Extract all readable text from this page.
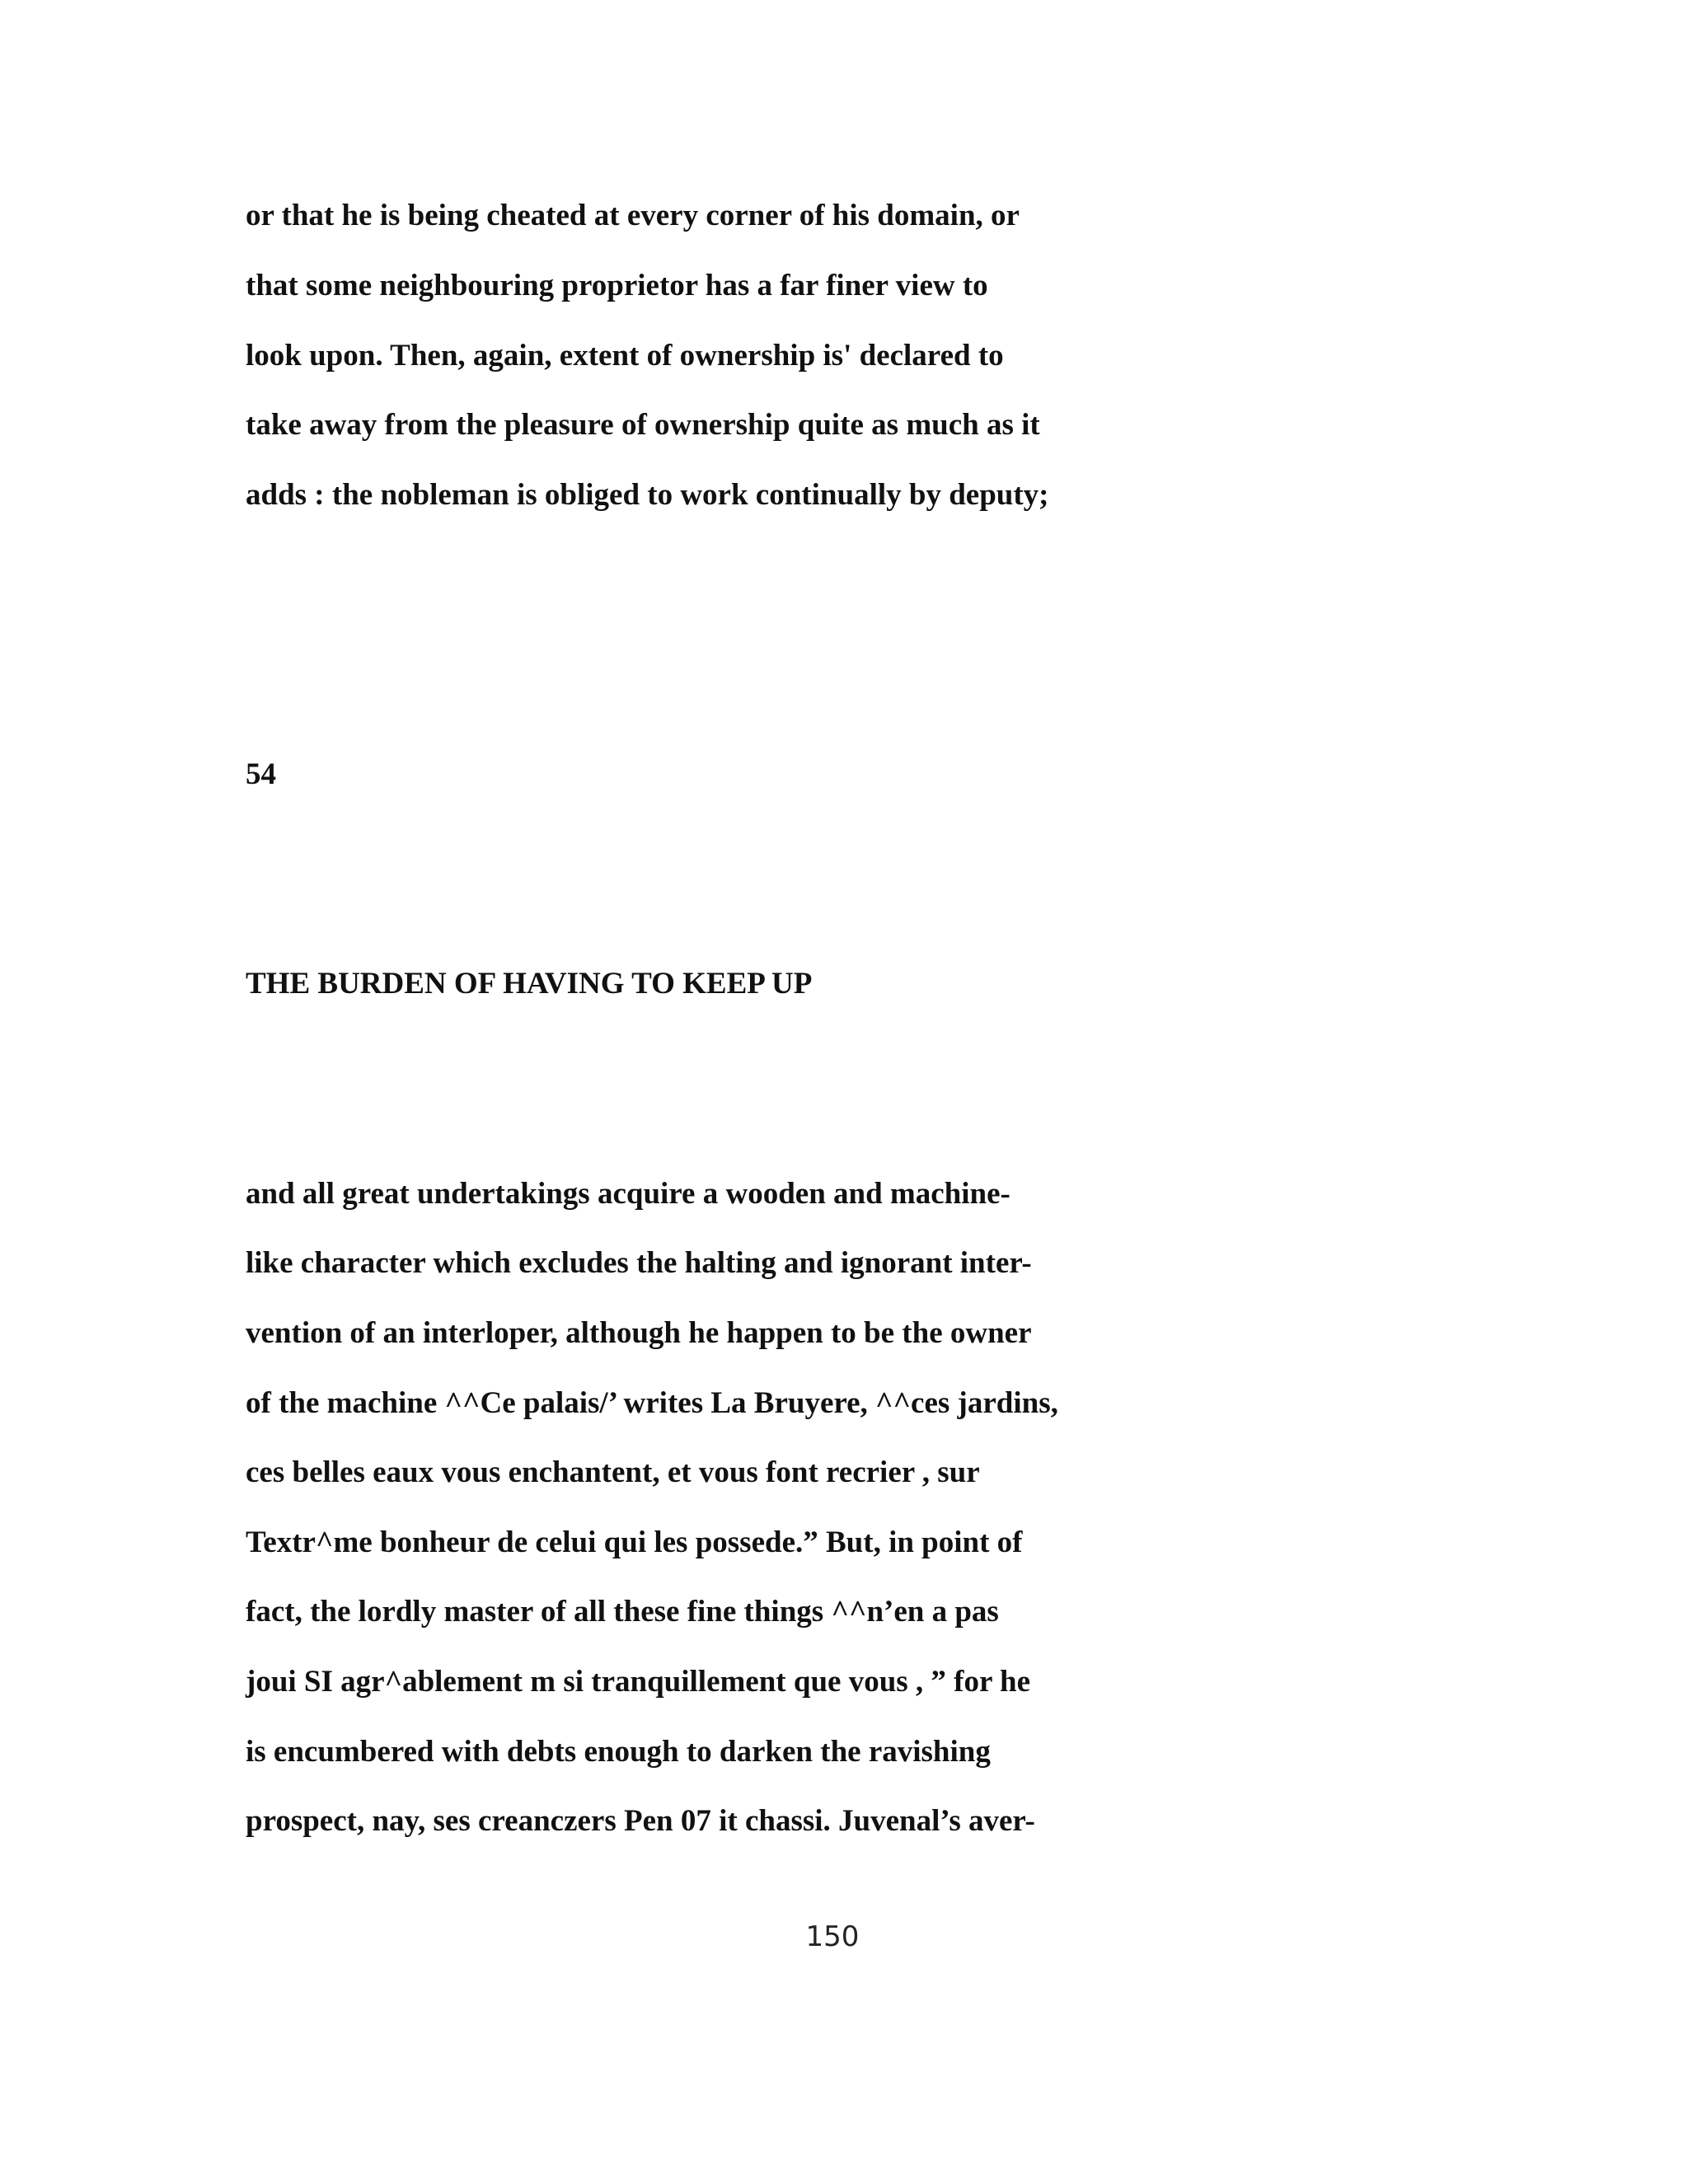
or that he is being cheated at every corner of his domain, or

that some neighbouring proprietor has a far finer view to

look upon. Then, again, extent of ownership is' declared to

take away from the pleasure of ownership quite as much as it

adds : the nobleman is obliged to work continually by deputy;

54

THE BURDEN OF HAVING TO KEEP UP

and all great undertakings acquire a wooden and machine-

like character which excludes the halting and ignorant inter-

vention of an interloper, although he happen to be the owner

of the machine ^^Ce palais/’ writes La Bruyere, ^^ces jardins,

ces belles eaux vous enchantent, et vous font recrier , sur

Textr^me bonheur de celui qui les possede.” But, in point of

fact, the lordly master of all these fine things ^^n’en a pas

joui SI agr^ablement m si tranquillement que vous , ” for he

is encumbered with debts enough to darken the ravishing

prospect, nay, ses creanczers Pen 07 it chassi. Juvenal’s aver-

150
